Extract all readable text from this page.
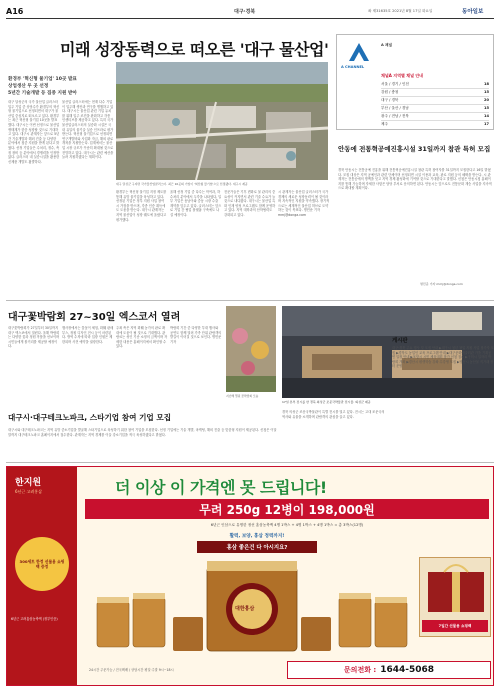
A16	대구·경북	좌 제31635호 2021년 8월 17일 화요일	동아일보
미래 성장동력으로 떠오른 '대구 물산업'
환경부 '혁신형 물기업' 10곳 발표
상업생산 두 곳 선정
5년간 기술개발 등 집중 지원 받아
대구 달성군의 국가 물산업 클러스터 입주 기업 중 상당수가 환경부의 혁신형 물기업으로 선정되면서 대구가 물산업 중심지로 떠오르고 있다. 환경부는 최근 혁신형 물기업 10곳을 발표했다. 대구시는 이번 선정으로 물산업 생태계가 한층 성장할 것으로 기대하고 있다. 대구시 관계자는 앞으로 5년간 기술개발과 해외 진출 등 다양한 분야에서 집중 지원을 받게 된다고 밝혔다. 선정 기업들은 수처리, 정수, 측정 장비 등 분야에서 경쟁력을 인정받았다. 클러스터 내 실증시설을 활용한 신제품 개발도 활발하다.
물산업 클러스터에는 현재 다수 기업이 입주해 생산과 연구를 병행하고 있다. 대구시는 물산업 관련 기업 유치를 위해 입주 조건을 완화하고 각종 인센티브를 제공하고 있다. 특히 국가물산업클러스터의 실증화 시설은 국내 유일의 물기술 실증 인프라로 평가받는다. 혁신형 물기업으로 선정되면 연구개발비와 사업화 자금, 해외 판로 개척을 지원받는다. 업계에서는 물산업 시장 규모가 꾸준히 확대될 것으로 전망하고 있다. 대구시는 관련 예산을 늘려 지원하겠다는 계획이다.
대구 달성군 구지면 국가물산업클러스터. 최근 10곳의 기업이 '혁신형 물기업'으로 선정됐다. 대구시 제공
환경부는 혁신형 물기업 지정 제도를 통해 유망 물기업을 육성하고 있다. 선정된 기업은 정부 지원 사업 참여 시 가점을 받으며, 각종 인증 획득에도 도움을 받는다. 대구시 관계자는 지역 물산업이 성장 궤도에 올랐다고 평가했다.
올해 선정 기업 중 다수는 막여과, 하수처리 분야에서 두각을 나타냈다. 일부 기업은 동남아와 중동 시장 수출 계약을 앞두고 있다. 클러스터는 앞으로 기업 간 협업 플랫폼 구축에도 나설 예정이다.
전문가들은 기후 변화로 물 관리의 중요성이 커지면서 관련 기술 수요가 늘 것으로 내다봤다. 대구시는 물산업 특화 인재 양성 프로그램도 함께 운영하고 있다. 지역 대학과의 산학협력도 강화되고 있다.
시 관계자는 물산업 클러스터가 국가 경제의 새로운 성장동력이 될 것이라며 지속적인 지원을 약속했다. 장기적으로는 세계적인 물산업 허브로 도약하는 것이 목표다. 명민준 기자 mmj@donga.com
A CHANNEL
A 채널
채널A 지역별 채널 안내
서울 / 경기 / 인천	18
강원 / 충청	15
대구 / 경북	20
부산 / 울산 / 경남	15
광주 / 전남 / 전북	14
제주	17
안동에 전통혁공예진흥시설 31일까지 참관 특허 모집
경북 안동시는 전통공예 진흥을 위해 전통혁공예진흥시설 참관 특허 참여자를 31일까지 모집한다고 16일 밝혔다. 모집 대상은 지역 공예인과 관련 단체이며 선정되면 시설 이용과 교육, 판로 지원 등의 혜택을 받는다. 시 관계자는 전통공예의 명맥을 잇고 지역 경제 활성화에 기여할 것으로 기대한다고 말했다. 신청은 안동시청 홈페이지를 통해 가능하며 자세한 사항은 담당 부서로 문의하면 된다. 안동시는 앞으로도 전통문화 계승 사업을 지속적으로 확대할 계획이다.
명민준 기자 mmj@donga.com
대구꽃박람회 27~30일 엑스코서 열려
대구꽃박람회가 27일부터 30일까지 대구 엑스코에서 열린다. 올해 박람회는 다양한 꽃과 정원 작품을 선보이며 시민들에게 볼거리를 제공할 예정이다.
행사장에서는 꽃꽂이 체험, 화훼 판매 부스, 정원 디자인 전시 등이 마련된다. 방역 수칙에 따라 입장 인원은 제한되며 사전 예약을 권장한다.
주최 측은 지역 화훼 농가의 판로 확대에 도움이 될 것으로 기대했다. 관람료는 성인 기준 소정의 금액이며 자세한 내용은 홈페이지에서 확인할 수 있다.
박람회 기간 중 다양한 부대 행사와 공연도 함께 열려 가족 단위 관람객의 발길이 이어질 것으로 보인다. 명민준 기자
17일 본부 전시를 한 경북 의성군 조문국박물관 전시물. 의성군 제공
지난해 열린 꽃박람회 모습
대구시·대구테크노파크, 스타기업 참여 기업 모집
대구시와 대구테크노파크는 지역 유망 중소기업을 발굴해 스타기업으로 육성하기 위한 참여 기업을 모집한다. 선정 기업에는 기술 개발, 마케팅, 해외 진출 등 맞춤형 지원이 제공된다. 신청은 이달 말까지 대구테크노파크 홈페이지에서 접수한다. 관계자는 지역 경제를 이끌 강소기업을 적극 육성하겠다고 밝혔다.
경북 의성군 조문국박물관이 특별 전시를 열고 있다. 전시는 고대 조문국의 역사와 유물을 소개하며 관람객의 관심을 끌고 있다.
게시판
대구·경북 주요 행사 및 모집 안내 ▶대구시 청년 창업 지원 사업 참가자 모집 ▶경북도 농업인 교육 프로그램 안내 ▶대구문화예술회관 가을 기획공연 일정 안내 ▶포항시 시민 체육대회 참가 신청 접수 ▶구미시 일자리 박람회 개최 ▶경산시 평생학습 강좌 수강생 모집 ▶영천시 농산물 직거래 장터 운영
한지원
6년근 고려홍삼
300세트 한정 선물용 쇼핑백 증정
6년근 고려홍삼농축액 (정부인증)
더 이상 이 가격엔 못 드립니다!
무려 250g 12병이 198,000원
6년근 인삼으로 유명한 정선 홍삼농축액 4병 1박스 + 4병 1박스 + 4병 1박스 = 총 3박스(12병)
활력, 보양, 홍삼 정력까지!
홍삼 좋은건 다 아시지요?
대한홍삼
7일간 선물용 쇼핑백
문의전화 : 1644-5068
24시간 주문가능 / 전국택배 / 상담시간 평일·주말 9시~18시
